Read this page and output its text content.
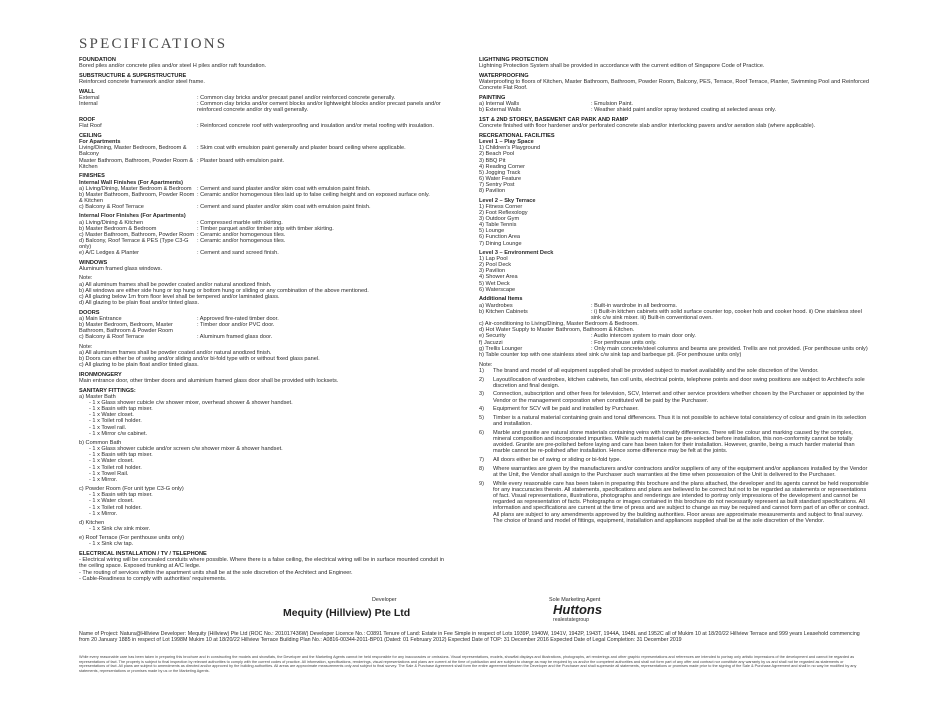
SPECIFICATIONS
FOUNDATION
Bored piles and/or concrete piles and/or steel H piles and/or raft foundation.
SUBSTRUCTURE & SUPERSTRUCTURE
Reinforced concrete framework and/or steel frame.
WALL
External	: Common clay bricks and/or precast panel and/or reinforced concrete generally.
Internal	: Common clay bricks and/or cement blocks and/or lightweight blocks and/or precast panels and/or reinforced concrete and/or dry wall generally.
ROOF
Flat Roof	: Reinforced concrete roof with waterproofing and insulation and/or metal roofing with insulation.
CEILING
For Apartments
Living/Dining, Master Bedroom, Bedroom & Balcony
: Skim coat with emulsion paint generally and plaster board ceiling where applicable.
Master Bathroom, Bathroom, Powder Room & Kitchen
: Plaster board with emulsion paint.
FINISHES
Internal Wall Finishes (For Apartments)
a) Living/Dining, Master Bedroom & Bedroom : Cement and sand plaster and/or skim coat with emulsion paint finish.
b) Master Bathroom, Bathroom, Powder Room & Kitchen
: Ceramic and/or homogenous tiles laid up to false ceiling height and on exposed surface only.
c) Balcony & Roof Terrace	: Cement and sand plaster and/or skim coat with emulsion paint finish.
Internal Floor Finishes (For Apartments)
a) Living/Dining & Kitchen	: Compressed marble with skirting.
b) Master Bedroom & Bedroom	: Timber parquet and/or timber strip with timber skirting.
c) Master Bathroom, Bathroom, Powder Room : Ceramic and/or homogenous tiles.
d) Balcony, Roof Terrace & PES (Type C3-G only)
: Ceramic and/or homogenous tiles.
e) A/C Ledges & Planter	: Cement and sand screed finish.
WINDOWS
Aluminum framed glass windows.
Note:
a) All aluminum frames shall be powder coated and/or natural anodized finish.
b) All windows are either side hung or top hung or bottom hung or sliding or any combination of the above mentioned.
c) All glazing below 1m from floor level shall be tempered and/or laminated glass.
d) All glazing to be plain float and/or tinted glass.
DOORS
a) Main Entrance	: Approved fire-rated timber door.
b) Master Bedroom, Bedroom, Master Bathroom, Bathroom & Powder Room
: Timber door and/or PVC door.
c) Balcony & Roof Terrace	: Aluminum framed glass door.
Note:
a) All aluminum frames shall be powder coated and/or natural anodized finish.
b) Doors can either be of swing and/or sliding and/or bi-fold type with or without fixed glass panel.
c) All glazing to be plain float and/or tinted glass.
IRONMONGERY
Main entrance door, other timber doors and aluminium framed glass door shall be provided with locksets.
SANITARY FITTINGS:
a) Master Bath
- 1 x Glass shower cubicle c/w shower mixer, overhead shower & shower handset.
- 1 x Basin with tap mixer.
- 1 x Water closet.
- 1 x Toilet roll holder.
- 1 x Towel rail.
- 1 x Mirror c/w cabinet.
b) Common Bath
- 1 x Glass shower cubicle and/or screen c/w shower mixer & shower handset.
- 1 x Basin with tap mixer.
- 1 x Water closet.
- 1 x Toilet roll holder.
- 1 x Towel Rail.
- 1 x Mirror.
c) Powder Room (For unit type C3-G only)
- 1 x Basin with tap mixer.
- 1 x Water closet.
- 1 x Toilet roll holder.
- 1 x Mirror.
d) Kitchen
- 1 x Sink c/w sink mixer.
e) Roof Terrace (For penthouse units only)
- 1 x Sink c/w tap.
ELECTRICAL INSTALLATION / TV / TELEPHONE
- Electrical wiring will be concealed conduits where possible. Where there is a false ceiling, the electrical wiring will be in surface mounted conduit in the ceiling space. Exposed trunking at A/C ledge.
- The routing of services within the apartment units shall be at the sole discretion of the Architect and Engineer.
- Cable-Readiness to comply with authorities' requirements.
LIGHTNING PROTECTION
Lightning Protection System shall be provided in accordance with the current edition of Singapore Code of Practice.
WATERPROOFING
Waterproofing to floors of Kitchen, Master Bathroom, Bathroom, Powder Room, Balcony, PES, Terrace, Roof Terrace, Planter, Swimming Pool and Reinforced Concrete Flat Roof.
PAINTING
a) Internal Walls	: Emulsion Paint.
b) External Walls	: Weather shield paint and/or spray textured coating at selected areas only.
1ST & 2ND STOREY, BASEMENT CAR PARK AND RAMP
Concrete finished with floor hardener and/or perforated concrete slab and/or interlocking pavers and/or aeration slab (where applicable).
RECREATIONAL FACILITIES
Level 1 – Play Space
1) Children's Playground
2) Beach Pool
3) BBQ Pit
4) Reading Corner
5) Jogging Track
6) Water Feature
7) Sentry Post
8) Pavilion
Level 2 – Sky Terrace
1) Fitness Corner
2) Foot Reflexology
3) Outdoor Gym
4) Table Tennis
5) Lounge
6) Function Area
7) Dining Lounge
Level 3 – Environment Deck
1) Lap Pool
2) Pool Deck
3) Pavilion
4) Shower Area
5) Wet Deck
6) Waterscape
Additional Items
a) Wardrobes	: Built-in wardrobe in all bedrooms.
b) Kitchen Cabinets	: i) Built-in kitchen cabinets with solid surface counter top, cooker hob and cooker hood. ii) One stainless steel sink c/w sink mixer. iii) Built-in conventional oven.
c) Air-conditioning to Living/Dining, Master Bedroom & Bedroom.
d) Hot Water Supply to Master Bathroom, Bathroom & Kitchen.
e) Security	: Audio intercom system to main door only.
f) Jacuzzi	: For penthouse units only.
g) Trellis Lounger	: Only main concrete/steel columns and beams are provided. Trellis are not provided. (For penthouse units only)
h) Table counter top with one stainless steel sink c/w sink tap and barbeque pit. (For penthouse units only)
Note:
1)	The brand and model of all equipment supplied shall be provided subject to market availability and the sole discretion of the Vendor.
2)	Layout/location of wardrobes, kitchen cabinets, fan coil units, electrical points, telephone points and door swing positions are subject to Architect's sole discretion and final design.
3)	Connection, subscription and other fees for television, SCV, Internet and other service providers whether chosen by the Purchaser or appointed by the Vendor or the management corporation when constituted will be paid by the Purchaser.
4)	Equipment for SCV will be paid and installed by Purchaser.
5)	Timber is a natural material containing grain and tonal differences. Thus it is not possible to achieve total consistency of colour and grain in its selection and installation.
6)	Marble and granite are natural stone materials containing veins with tonality differences. There will be colour and marking caused by the complex, mineral composition and incorporated impurities. While such material can be pre-selected before installation, this non-conformity cannot be totally avoided. Granite are pre-polished before laying and care has been taken for their installation. However, granite, being a much harder material than marble cannot be re-polished after installation. Hence some difference may be felt at the joints.
7)	All doors either be of swing or sliding or bi-fold type.
8)	Where warranties are given by the manufacturers and/or contractors and/or suppliers of any of the equipment and/or appliances installed by the Vendor at the Unit, the Vendor shall assign to the Purchaser such warranties at the time when possession of the Unit is delivered to the Purchaser.
9)	While every reasonable care has been taken in preparing this brochure and the plans attached, the developer and its agents cannot be held responsible for any inaccuracies therein. All statements, specifications and plans are believed to be correct but not to be regarded as statements or representations of fact. Visual representations, illustrations, photographs and renderings are intended to portray only impressions of the development and cannot be regarded as representation of facts. Photographs or images contained in this brochure do not necessarily represent as built standard specifications. All information and specifications are current at the time of press and are subject to change as may be required and cannot form part of an offer or contract. All plans are subject to any amendments approved by the building authorities. Floor areas are approximate measurements and subject to final survey. The choice of brand and model of fittings, equipment, installation and appliances supplied shall be at the sole discretion of the Vendor.
Developer	Sole Marketing Agent
Mequity (Hillview) Pte Ltd	Huttons
realestategroup
Name of Project: Natura@Hillview Developer: Mequity (Hillview) Pte Ltd (ROC No.: 201017436W) Developer Licence No.: C0891 Tenure of Land: Estate in Fee Simple in respect of Lots 1939P, 1940W, 1941V, 1942P, 1943T, 1944A, 1948L and 1952C all of Mukim 10 at 18/20/22 Hillview Terrace and 999 years Leasehold commencing from 20 January 1885 in respect of Lot 1998M Mukim 10 at 18/20/22 Hillview Terrace Building Plan No.: A0816-00344-2011-BP01 (Dated: 01 February 2012) Expected Date of TOP: 31 December 2016 Expected Date of Legal Completion: 31 December 2019
While every reasonable care has been taken in preparing this brochure and in constructing the models and showflats, the Developer and the Marketing Agents cannot be held responsible for any inaccuracies or omissions. Visual representations, models, showflat displays and illustrations, photographs, art renderings and other graphic representations and references are intended to portray only artistic impressions of the development and cannot be regarded as representations of fact. The property is subject to final inspection by relevant authorities to comply with the current codes of practice. All information, specifications, renderings, visual representations and plans are current at the time of publication and are subject to change as may be required by us and/or the competent authorities and shall not form part of any offer and contract nor constitute any warranty by us and shall not be regarded as statements or representations of fact. All plans are subject to amendments as directed and/or approved by the building authorities. All areas are approximate measurements only and subject to final survey. The Sale & Purchase Agreement shall form the entire agreement between the Developer and the Purchaser and shall supersede all statements, representations or promises made prior to the signing of the Sale & Purchase Agreement and shall in no way be modified by any statements, representations or promises made by us or the Marketing Agents.
